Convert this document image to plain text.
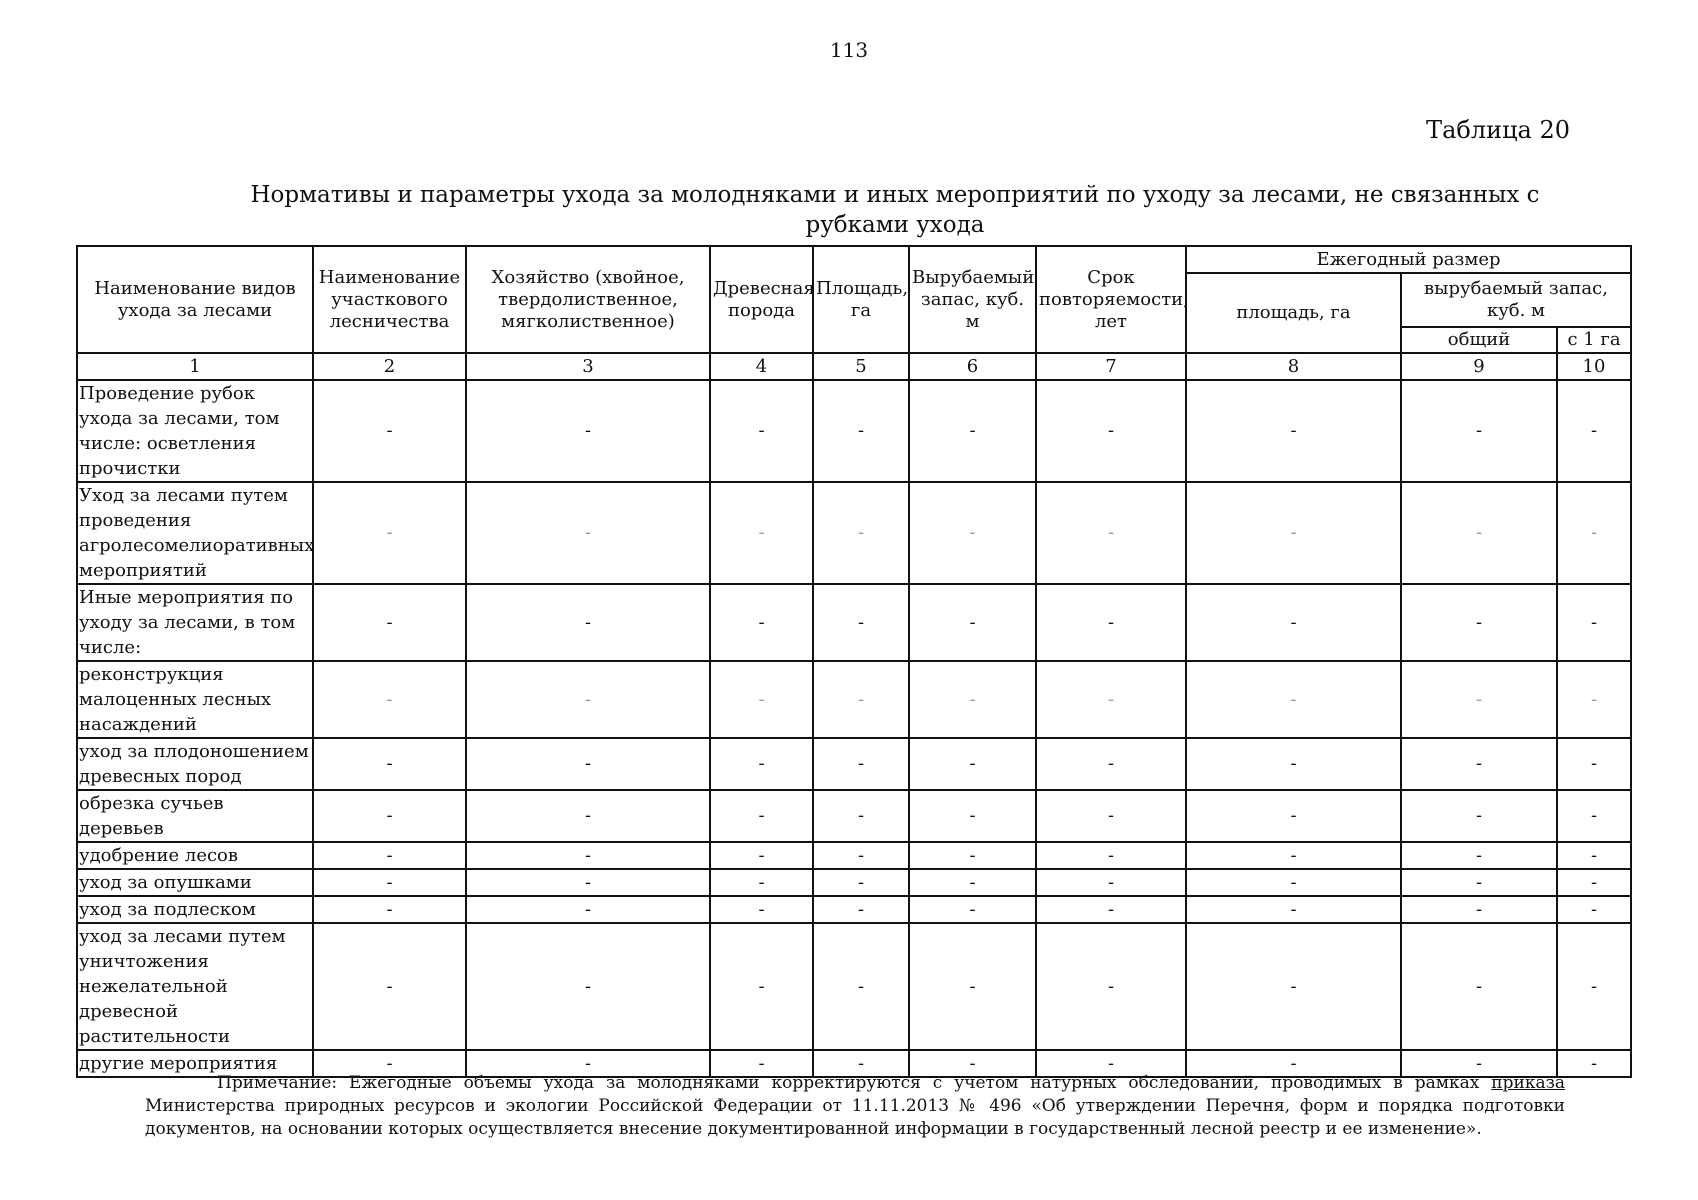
113
Таблица 20
Нормативы и параметры ухода за молодняками и иных мероприятий по уходу за лесами, не связанных с рубками ухода
Наименование видов ухода за лесами	Наименование участкового лесничества	Хозяйство (хвойное, твердолиственное, мягколиственное)	Древесная порода	Площадь, га	Вырубаемый запас, куб. м	Срок повторяемости, лет	Ежегодный размер		
							площадь, га	вырубаемый запас, куб. м	
								общий	с 1 га
1	2	3	4	5	6	7	8	9	10
Проведение рубок ухода за лесами, том числе: осветления прочистки	-	-	-	-	-	-	-	-	-
Уход за лесами путем проведения агролесомелиоративных мероприятий	-	-	-	-	-	-	-	-	-
Иные мероприятия по уходу за лесами, в том числе:	-	-	-	-	-	-	-	-	-
реконструкция малоценных лесных насаждений	-	-	-	-	-	-	-	-	-
уход за плодоношением древесных пород	-	-	-	-	-	-	-	-	-
обрезка сучьев деревьев	-	-	-	-	-	-	-	-	-
удобрение лесов	-	-	-	-	-	-	-	-	-
уход за опушками	-	-	-	-	-	-	-	-	-
уход за подлеском	-	-	-	-	-	-	-	-	-
уход за лесами путем уничтожения нежелательной древесной растительности	-	-	-	-	-	-	-	-	-
другие мероприятия	-	-	-	-	-	-	-	-	-
Примечание: Ежегодные объемы ухода за молодняками корректируются с учетом натурных обследований, проводимых в рамках приказа Министерства природных ресурсов и экологии Российской Федерации от 11.11.2013 № 496 «Об утверждении Перечня, форм и порядка подготовки документов, на основании которых осуществляется внесение документированной информации в государственный лесной реестр и ее изменение».
